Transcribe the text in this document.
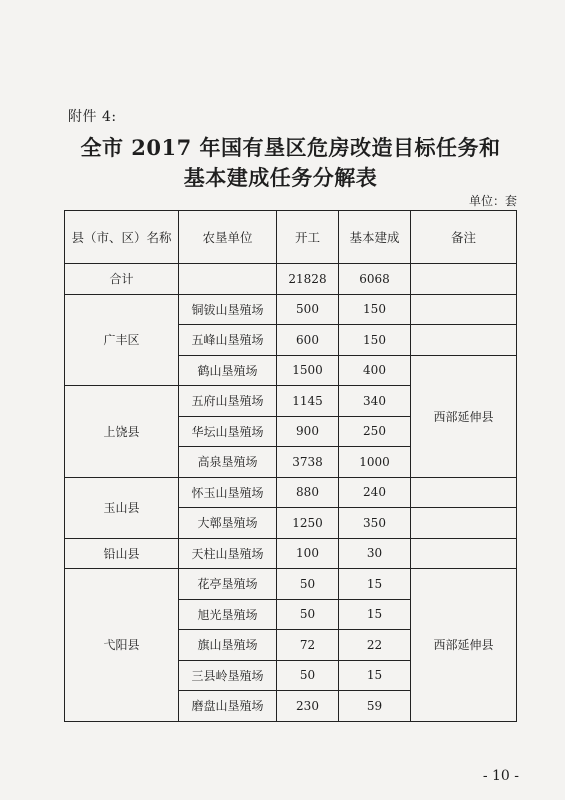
附件 4:
全市 2017 年国有垦区危房改造目标任务和
基本建成任务分解表
单位：套
县（市、区）名称	农垦单位	开工	基本建成	备注
合计		21828	6068	
广丰区	铜钹山垦殖场	500	150	
	五峰山垦殖场	600	150	
	鹤山垦殖场	1500	400	西部延伸县
上饶县	五府山垦殖场	1145	340	
	华坛山垦殖场	900	250	
	高泉垦殖场	3738	1000	
玉山县	怀玉山垦殖场	880	240	
	大鄣垦殖场	1250	350	
铅山县	天柱山垦殖场	100	30	
弋阳县	花亭垦殖场	50	15	西部延伸县
	旭光垦殖场	50	15	
	旗山垦殖场	72	22	
	三县岭垦殖场	50	15	
	磨盘山垦殖场	230	59	
- 10 -
